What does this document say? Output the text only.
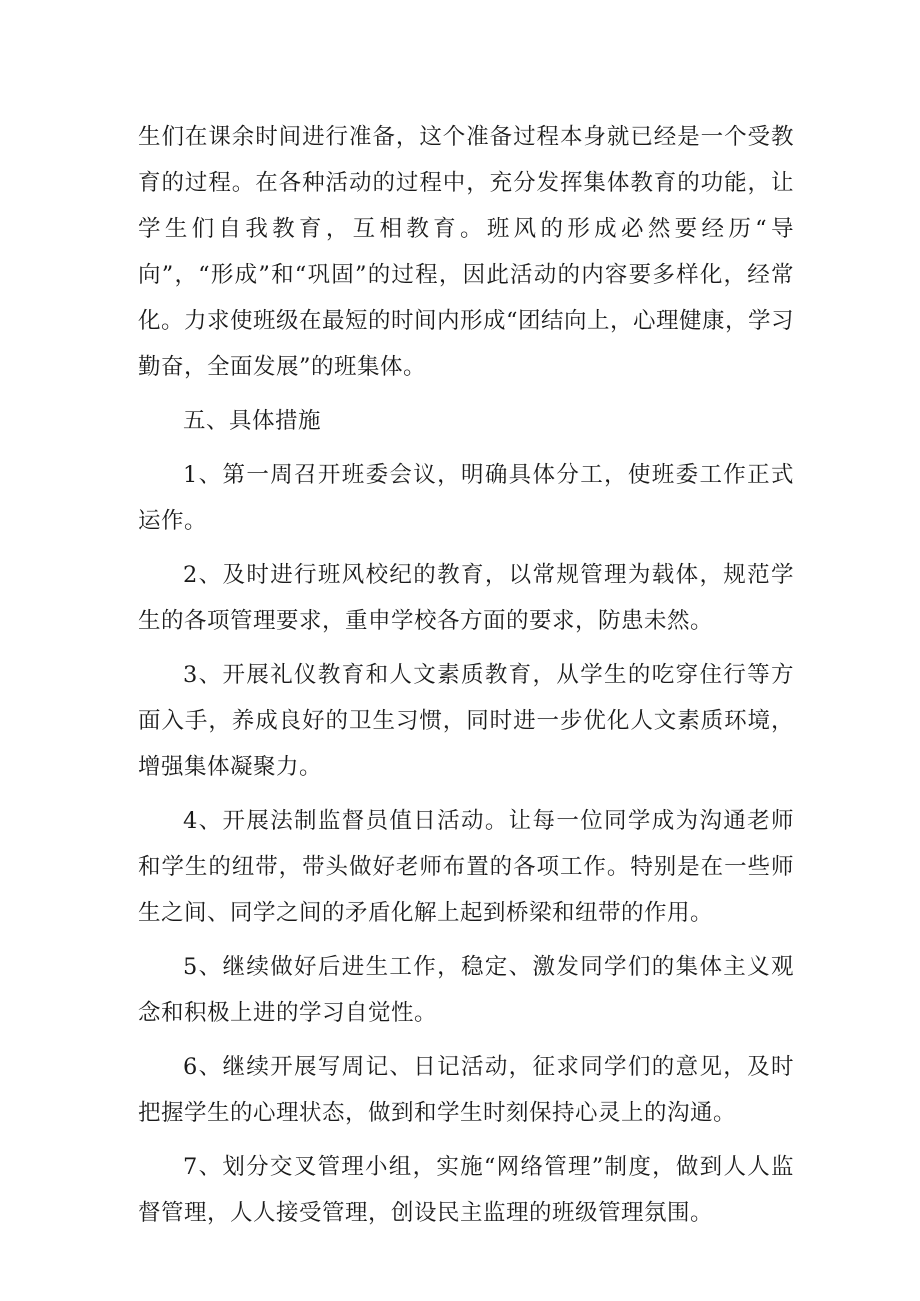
生们在课余时间进行准备，这个准备过程本身就已经是一个受教育的过程。在各种活动的过程中，充分发挥集体教育的功能，让学生们自我教育，互相教育。班风的形成必然要经历“导向”，“形成”和“巩固”的过程，因此活动的内容要多样化，经常化。力求使班级在最短的时间内形成“团结向上，心理健康，学习勤奋，全面发展”的班集体。

五、具体措施

1、第一周召开班委会议，明确具体分工，使班委工作正式运作。

2、及时进行班风校纪的教育，以常规管理为载体，规范学生的各项管理要求，重申学校各方面的要求，防患未然。

3、开展礼仪教育和人文素质教育，从学生的吃穿住行等方面入手，养成良好的卫生习惯，同时进一步优化人文素质环境，增强集体凝聚力。

4、开展法制监督员值日活动。让每一位同学成为沟通老师和学生的纽带，带头做好老师布置的各项工作。特别是在一些师生之间、同学之间的矛盾化解上起到桥梁和纽带的作用。

5、继续做好后进生工作，稳定、激发同学们的集体主义观念和积极上进的学习自觉性。

6、继续开展写周记、日记活动，征求同学们的意见，及时把握学生的心理状态，做到和学生时刻保持心灵上的沟通。

7、划分交叉管理小组，实施“网络管理”制度，做到人人监督管理，人人接受管理，创设民主监理的班级管理氛围。
